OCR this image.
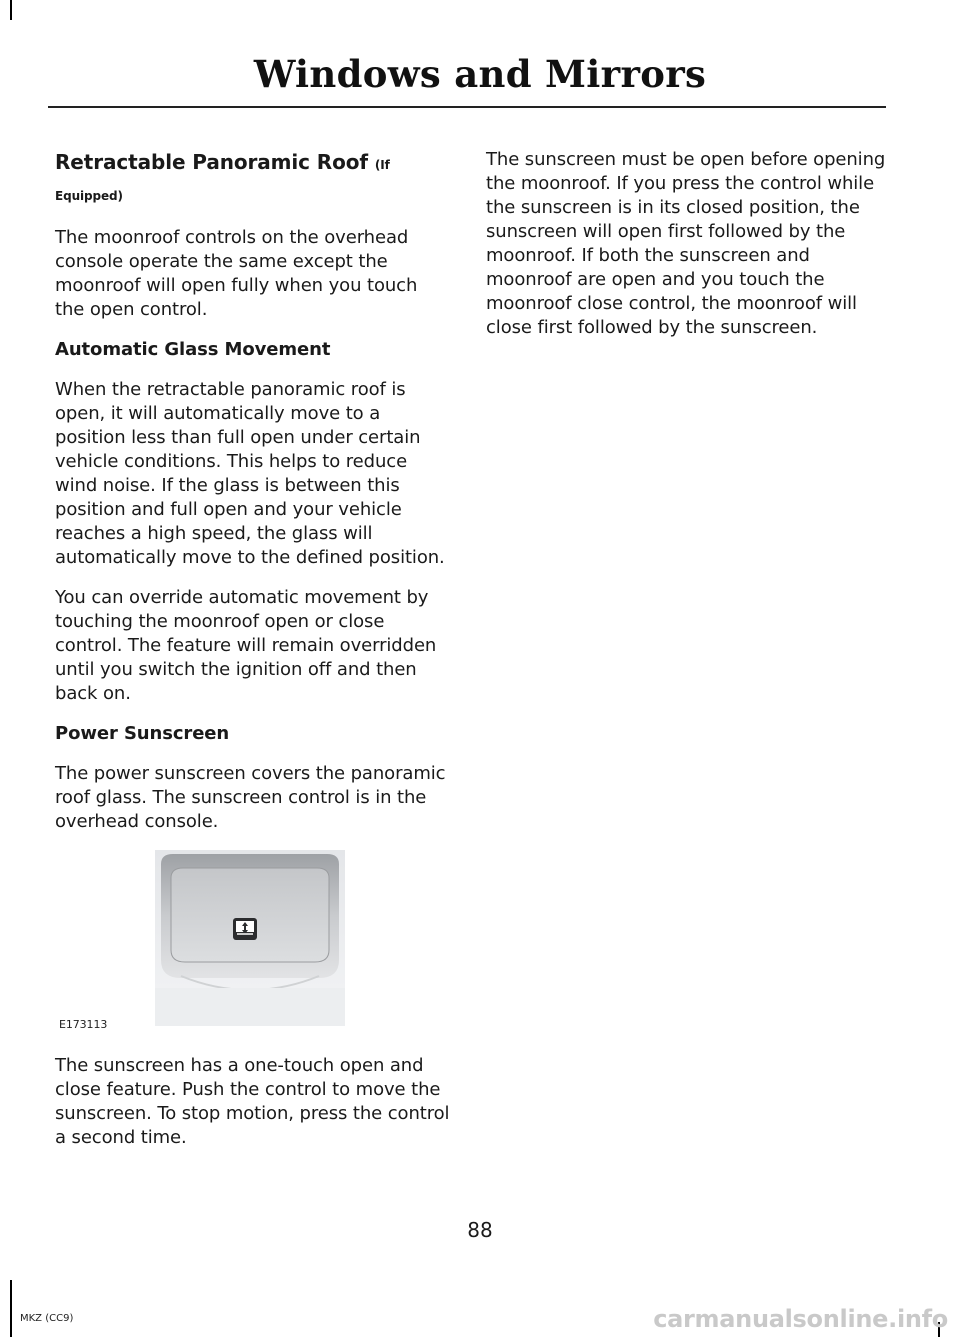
Windows and Mirrors
Retractable Panoramic Roof (If Equipped)

The moonroof controls on the overhead console operate the same except the moonroof will open fully when you touch the open control.

Automatic Glass Movement

When the retractable panoramic roof is open, it will automatically move to a position less than full open under certain vehicle conditions. This helps to reduce wind noise. If the glass is between this position and full open and your vehicle reaches a high speed, the glass will automatically move to the defined position.

You can override automatic movement by touching the moonroof open or close control. The feature will remain overridden until you switch the ignition off and then back on.

Power Sunscreen

The power sunscreen covers the panoramic roof glass. The sunscreen control is in the overhead console.

E173113

The sunscreen has a one-touch open and close feature. Push the control to move the sunscreen. To stop motion, press the control a second time.

The sunscreen must be open before opening the moonroof. If you press the control while the sunscreen is in its closed position, the sunscreen will open first followed by the moonroof. If both the sunscreen and moonroof are open and you touch the moonroof close control, the moonroof will close first followed by the sunscreen.

88
MKZ (CC9)	carmanualsonline.info
